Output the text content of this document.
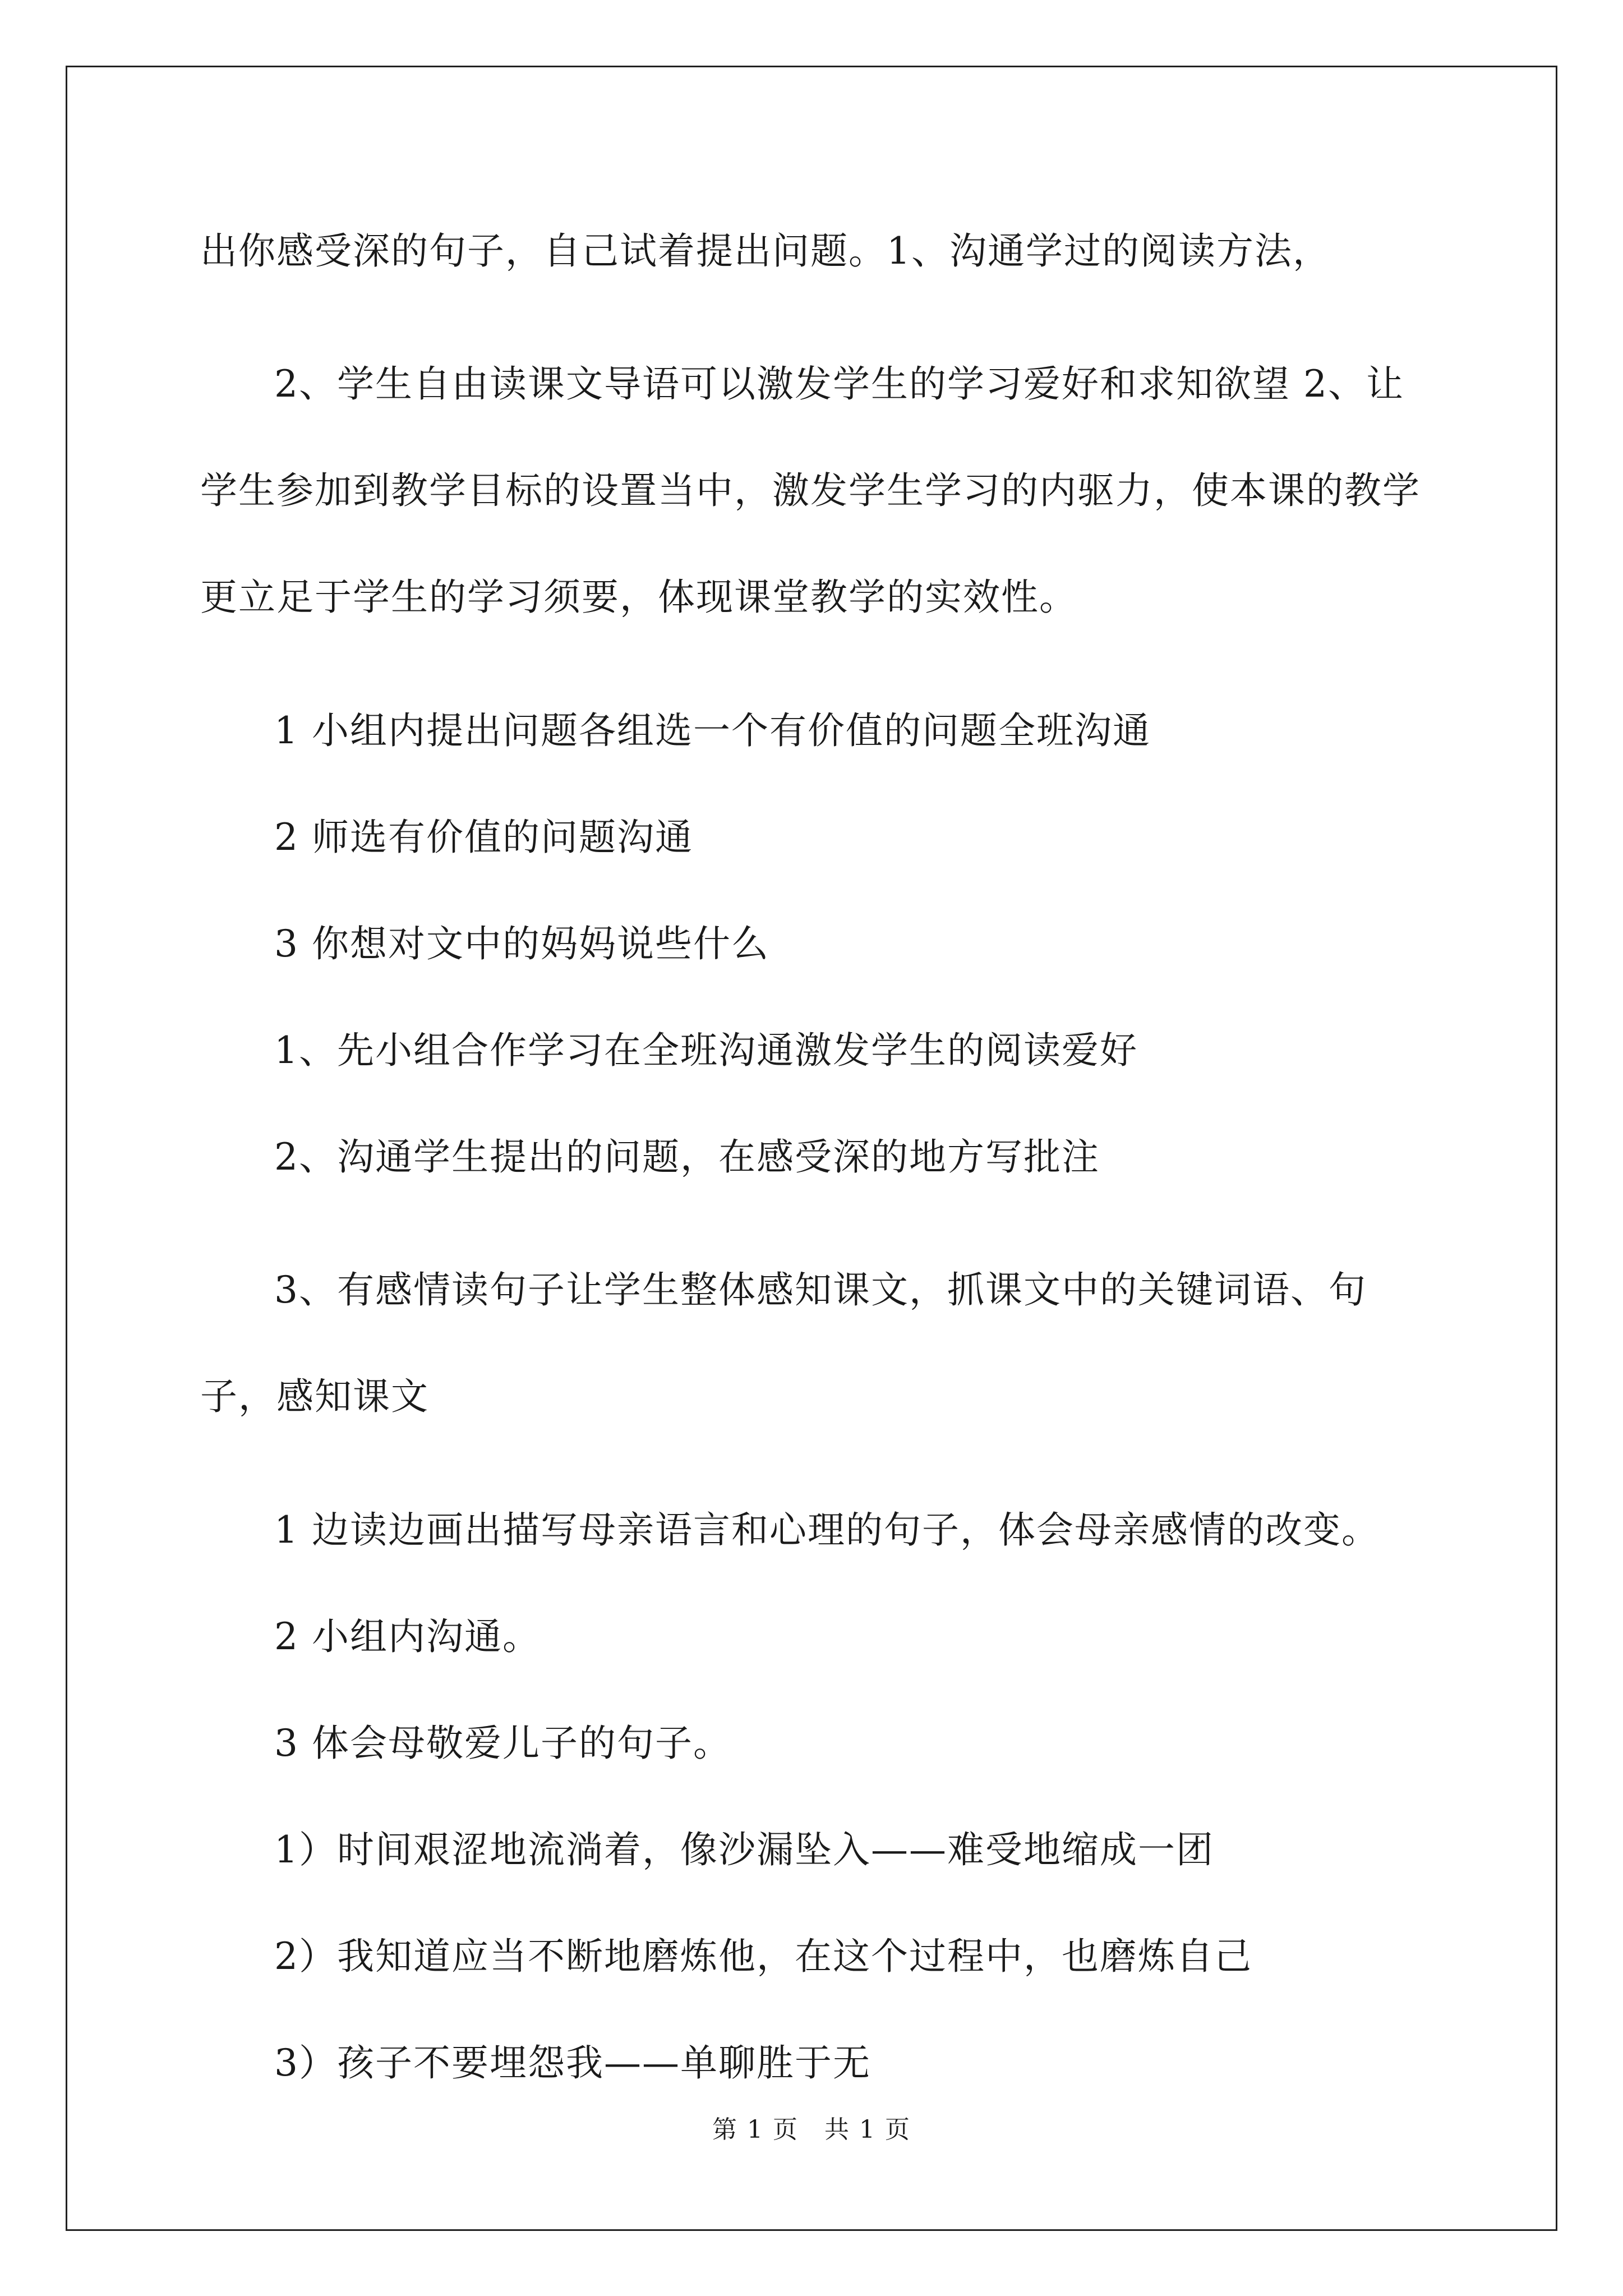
出你感受深的句子，自己试着提出问题。1、沟通学过的阅读方法，

2、学生自由读课文导语可以激发学生的学习爱好和求知欲望 2、让学生参加到教学目标的设置当中，激发学生学习的内驱力，使本课的教学更立足于学生的学习须要，体现课堂教学的实效性。

1 小组内提出问题各组选一个有价值的问题全班沟通

2 师选有价值的问题沟通

3 你想对文中的妈妈说些什么

1、先小组合作学习在全班沟通激发学生的阅读爱好

2、沟通学生提出的问题，在感受深的地方写批注

3、有感情读句子让学生整体感知课文，抓课文中的关键词语、句子，感知课文

1 边读边画出描写母亲语言和心理的句子，体会母亲感情的改变。

2 小组内沟通。

3 体会母敬爱儿子的句子。

1）时间艰涩地流淌着，像沙漏坠入——难受地缩成一团

2）我知道应当不断地磨炼他，在这个过程中，也磨炼自己

3）孩子不要埋怨我——单聊胜于无

第 1 页　共 1 页
